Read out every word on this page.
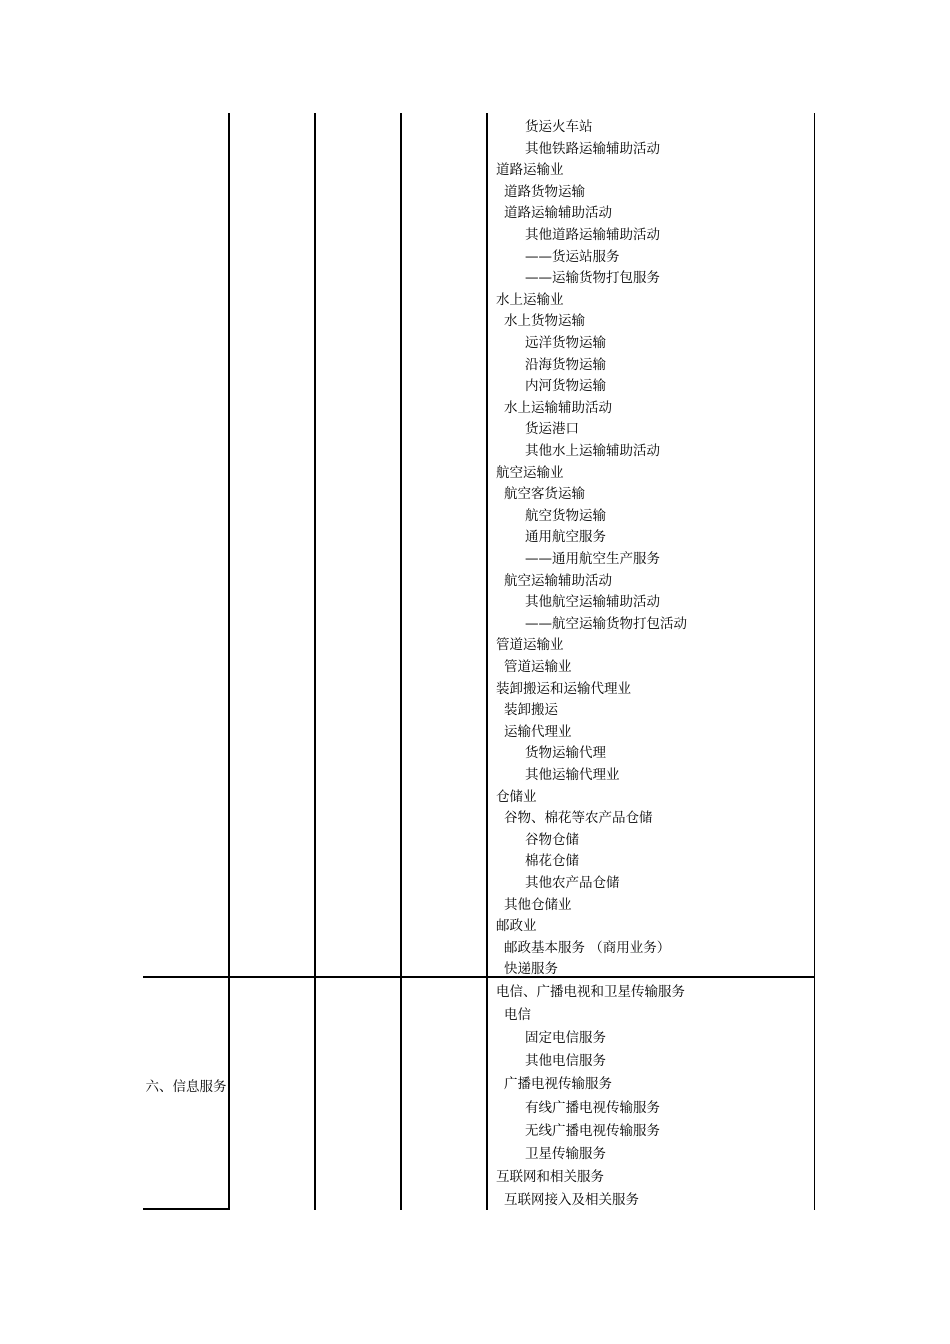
六、信息服务
货运火车站
其他铁路运输辅助活动
道路运输业
道路货物运输
道路运输辅助活动
其他道路运输辅助活动
——货运站服务
——运输货物打包服务
水上运输业
水上货物运输
远洋货物运输
沿海货物运输
内河货物运输
水上运输辅助活动
货运港口
其他水上运输辅助活动
航空运输业
航空客货运输
航空货物运输
通用航空服务
——通用航空生产服务
航空运输辅助活动
其他航空运输辅助活动
——航空运输货物打包活动
管道运输业
管道运输业
装卸搬运和运输代理业
装卸搬运
运输代理业
货物运输代理
其他运输代理业
仓储业
谷物、棉花等农产品仓储
谷物仓储
棉花仓储
其他农产品仓储
其他仓储业
邮政业
邮政基本服务 （商用业务）
快递服务
电信、广播电视和卫星传输服务
电信
固定电信服务
其他电信服务
广播电视传输服务
有线广播电视传输服务
无线广播电视传输服务
卫星传输服务
互联网和相关服务
互联网接入及相关服务
